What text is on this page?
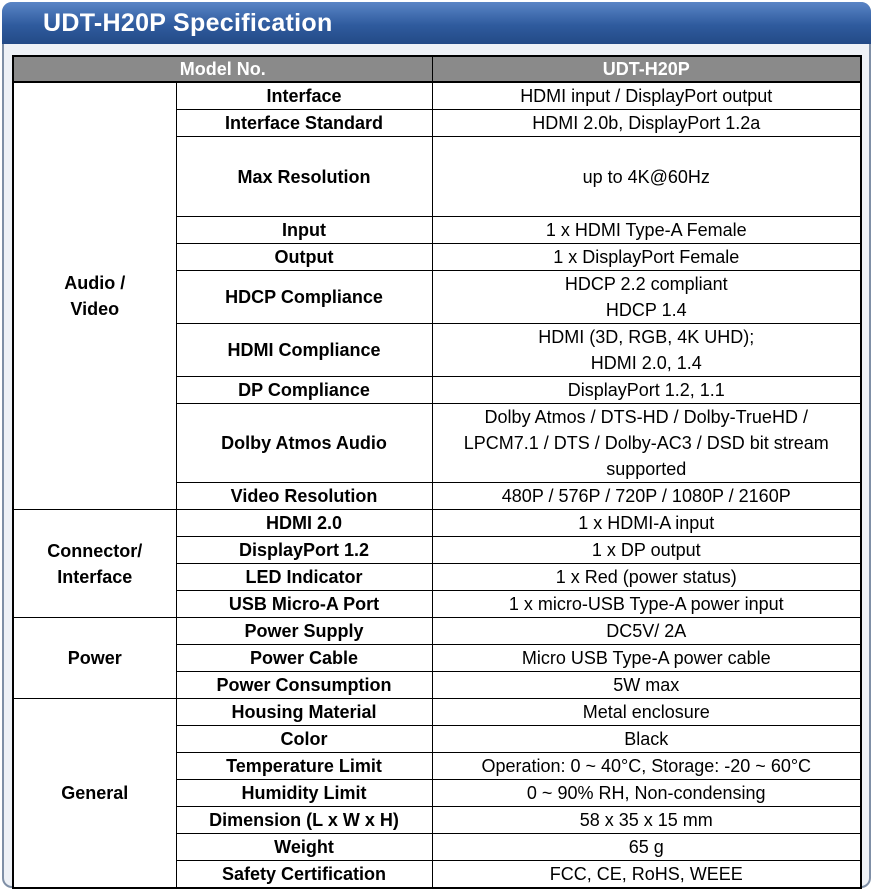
UDT-H20P Specification
Model No.		UDT-H20P
Audio /
Video	Interface	HDMI input / DisplayPort output

	Interface Standard	HDMI 2.0b, DisplayPort 1.2a

	Max Resolution	up to 4K@60Hz

	Input	1 x HDMI Type-A Female

	Output	1 x DisplayPort Female

	HDCP Compliance	HDCP 2.2 compliant
HDCP 1.4

	HDMI Compliance	HDMI (3D, RGB, 4K UHD);
HDMI 2.0, 1.4

	DP Compliance	DisplayPort 1.2, 1.1

	Dolby Atmos Audio	Dolby Atmos / DTS-HD / Dolby-TrueHD /
LPCM7.1 / DTS / Dolby-AC3 / DSD bit stream
supported

	Video Resolution	480P / 576P / 720P / 1080P / 2160P

Connector/
Interface	HDMI 2.0	1 x HDMI-A input

	DisplayPort 1.2	1 x DP output

	LED Indicator	1 x Red (power status)

	USB Micro-A Port	1 x micro-USB Type-A power input

Power	Power Supply	DC5V/ 2A

	Power Cable	Micro USB Type-A power cable

	Power Consumption	5W max

General	Housing Material	Metal enclosure

	Color	Black

	Temperature Limit	Operation: 0 ~ 40°C, Storage: -20 ~ 60°C

	Humidity Limit	0 ~ 90% RH, Non-condensing

	Dimension (L x W x H)	58 x 35 x 15 mm

	Weight	65 g

	Safety Certification	FCC, CE, RoHS, WEEE
